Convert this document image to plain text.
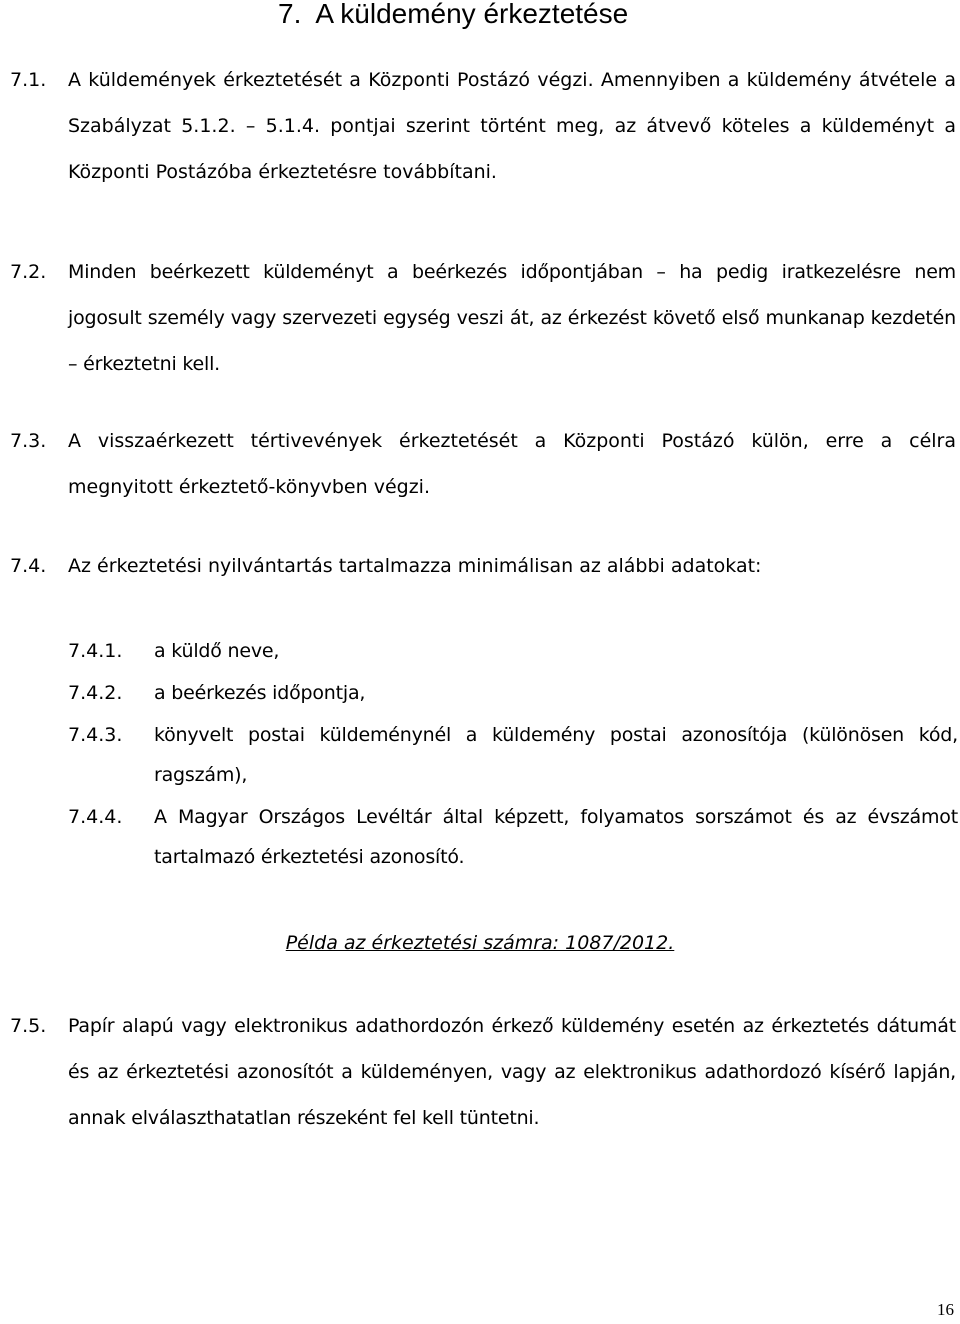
7. A küldemény érkeztetése
7.1. A küldemények érkeztetését a Központi Postázó végzi. Amennyiben a küldemény átvétele a Szabályzat 5.1.2. – 5.1.4. pontjai szerint történt meg, az átvevő köteles a küldeményt a Központi Postázóba érkeztetésre továbbítani.
7.2. Minden beérkezett küldeményt a beérkezés időpontjában – ha pedig iratkezelésre nem jogosult személy vagy szervezeti egység veszi át, az érkezést követő első munkanap kezdetén – érkeztetni kell.
7.3. A visszaérkezett tértivevények érkeztetését a Központi Postázó külön, erre a célra megnyitott érkeztető-könyvben végzi.
7.4. Az érkeztetési nyilvántartás tartalmazza minimálisan az alábbi adatokat:
7.4.1. a küldő neve,
7.4.2. a beérkezés időpontja,
7.4.3. könyvelt postai küldeménynél a küldemény postai azonosítója (különösen kód, ragszám),
7.4.4. A Magyar Országos Levéltár által képzett, folyamatos sorszámot és az évszámot tartalmazó érkeztetési azonosító.
Példa az érkeztetési számra: 1087/2012.
7.5. Papír alapú vagy elektronikus adathordozón érkező küldemény esetén az érkeztetés dátumát és az érkeztetési azonosítót a küldeményen, vagy az elektronikus adathordozó kísérő lapján, annak elválaszthatatlan részeként fel kell tüntetni.
16
